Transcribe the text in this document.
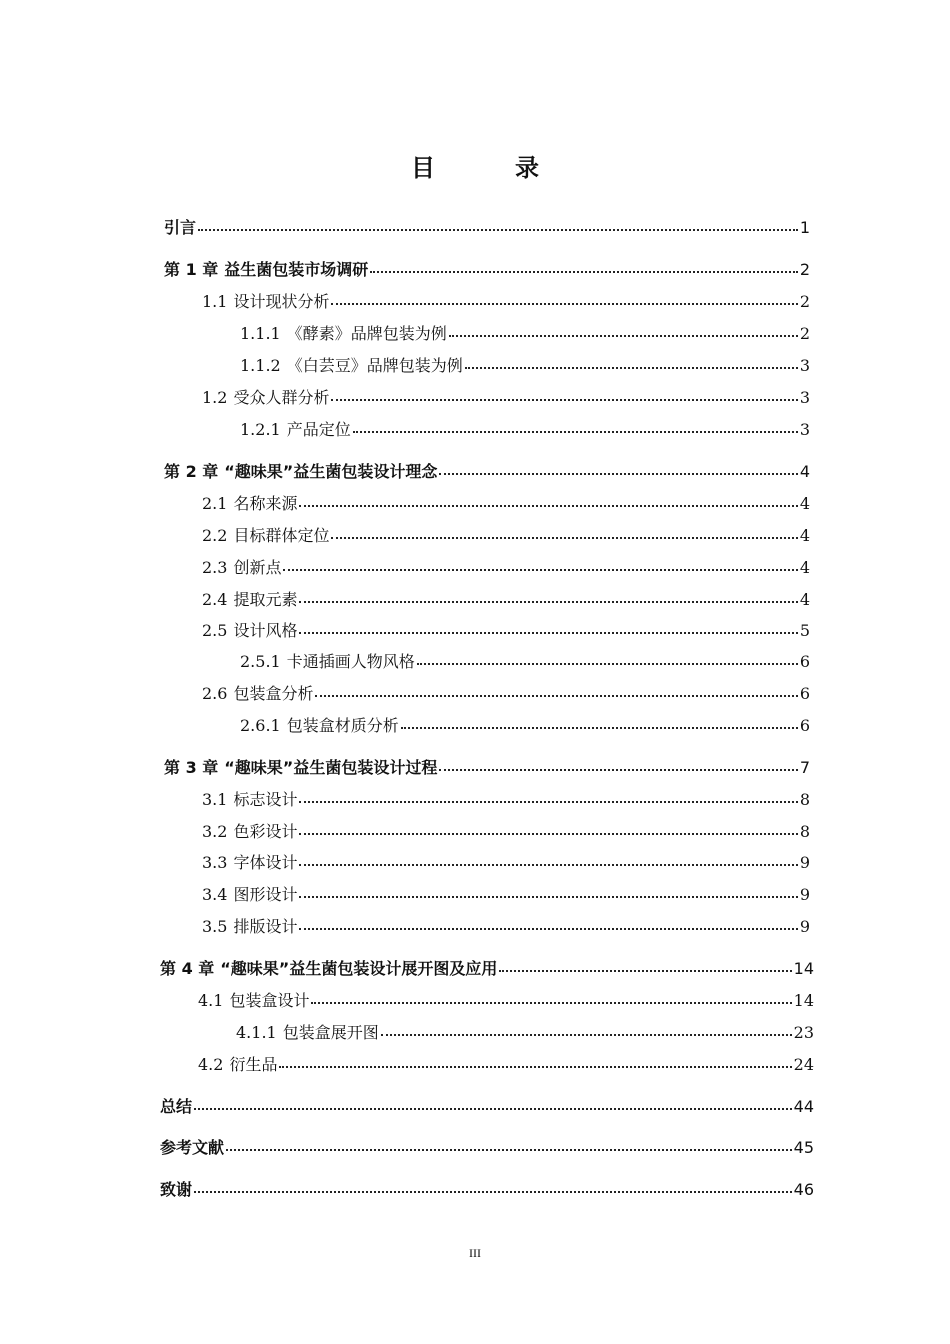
目　录
引言	1
第 1 章 益生菌包装市场调研	2
1.1 设计现状分析	2
1.1.1 《酵素》品牌包装为例	2
1.1.2 《白芸豆》品牌包装为例	3
1.2 受众人群分析	3
1.2.1 产品定位	3
第 2 章 “趣味果”益生菌包装设计理念	4
2.1 名称来源	4
2.2 目标群体定位	4
2.3 创新点	4
2.4 提取元素	4
2.5 设计风格	5
2.5.1 卡通插画人物风格	6
2.6 包装盒分析	6
2.6.1 包装盒材质分析	6
第 3 章 “趣味果”益生菌包装设计过程	7
3.1 标志设计	8
3.2 色彩设计	8
3.3 字体设计	9
3.4 图形设计	9
3.5 排版设计	9
第 4 章 “趣味果”益生菌包装设计展开图及应用	14
4.1 包装盒设计	14
4.1.1 包装盒展开图	23
4.2 衍生品	24
总结	44
参考文献	45
致谢	46
III
